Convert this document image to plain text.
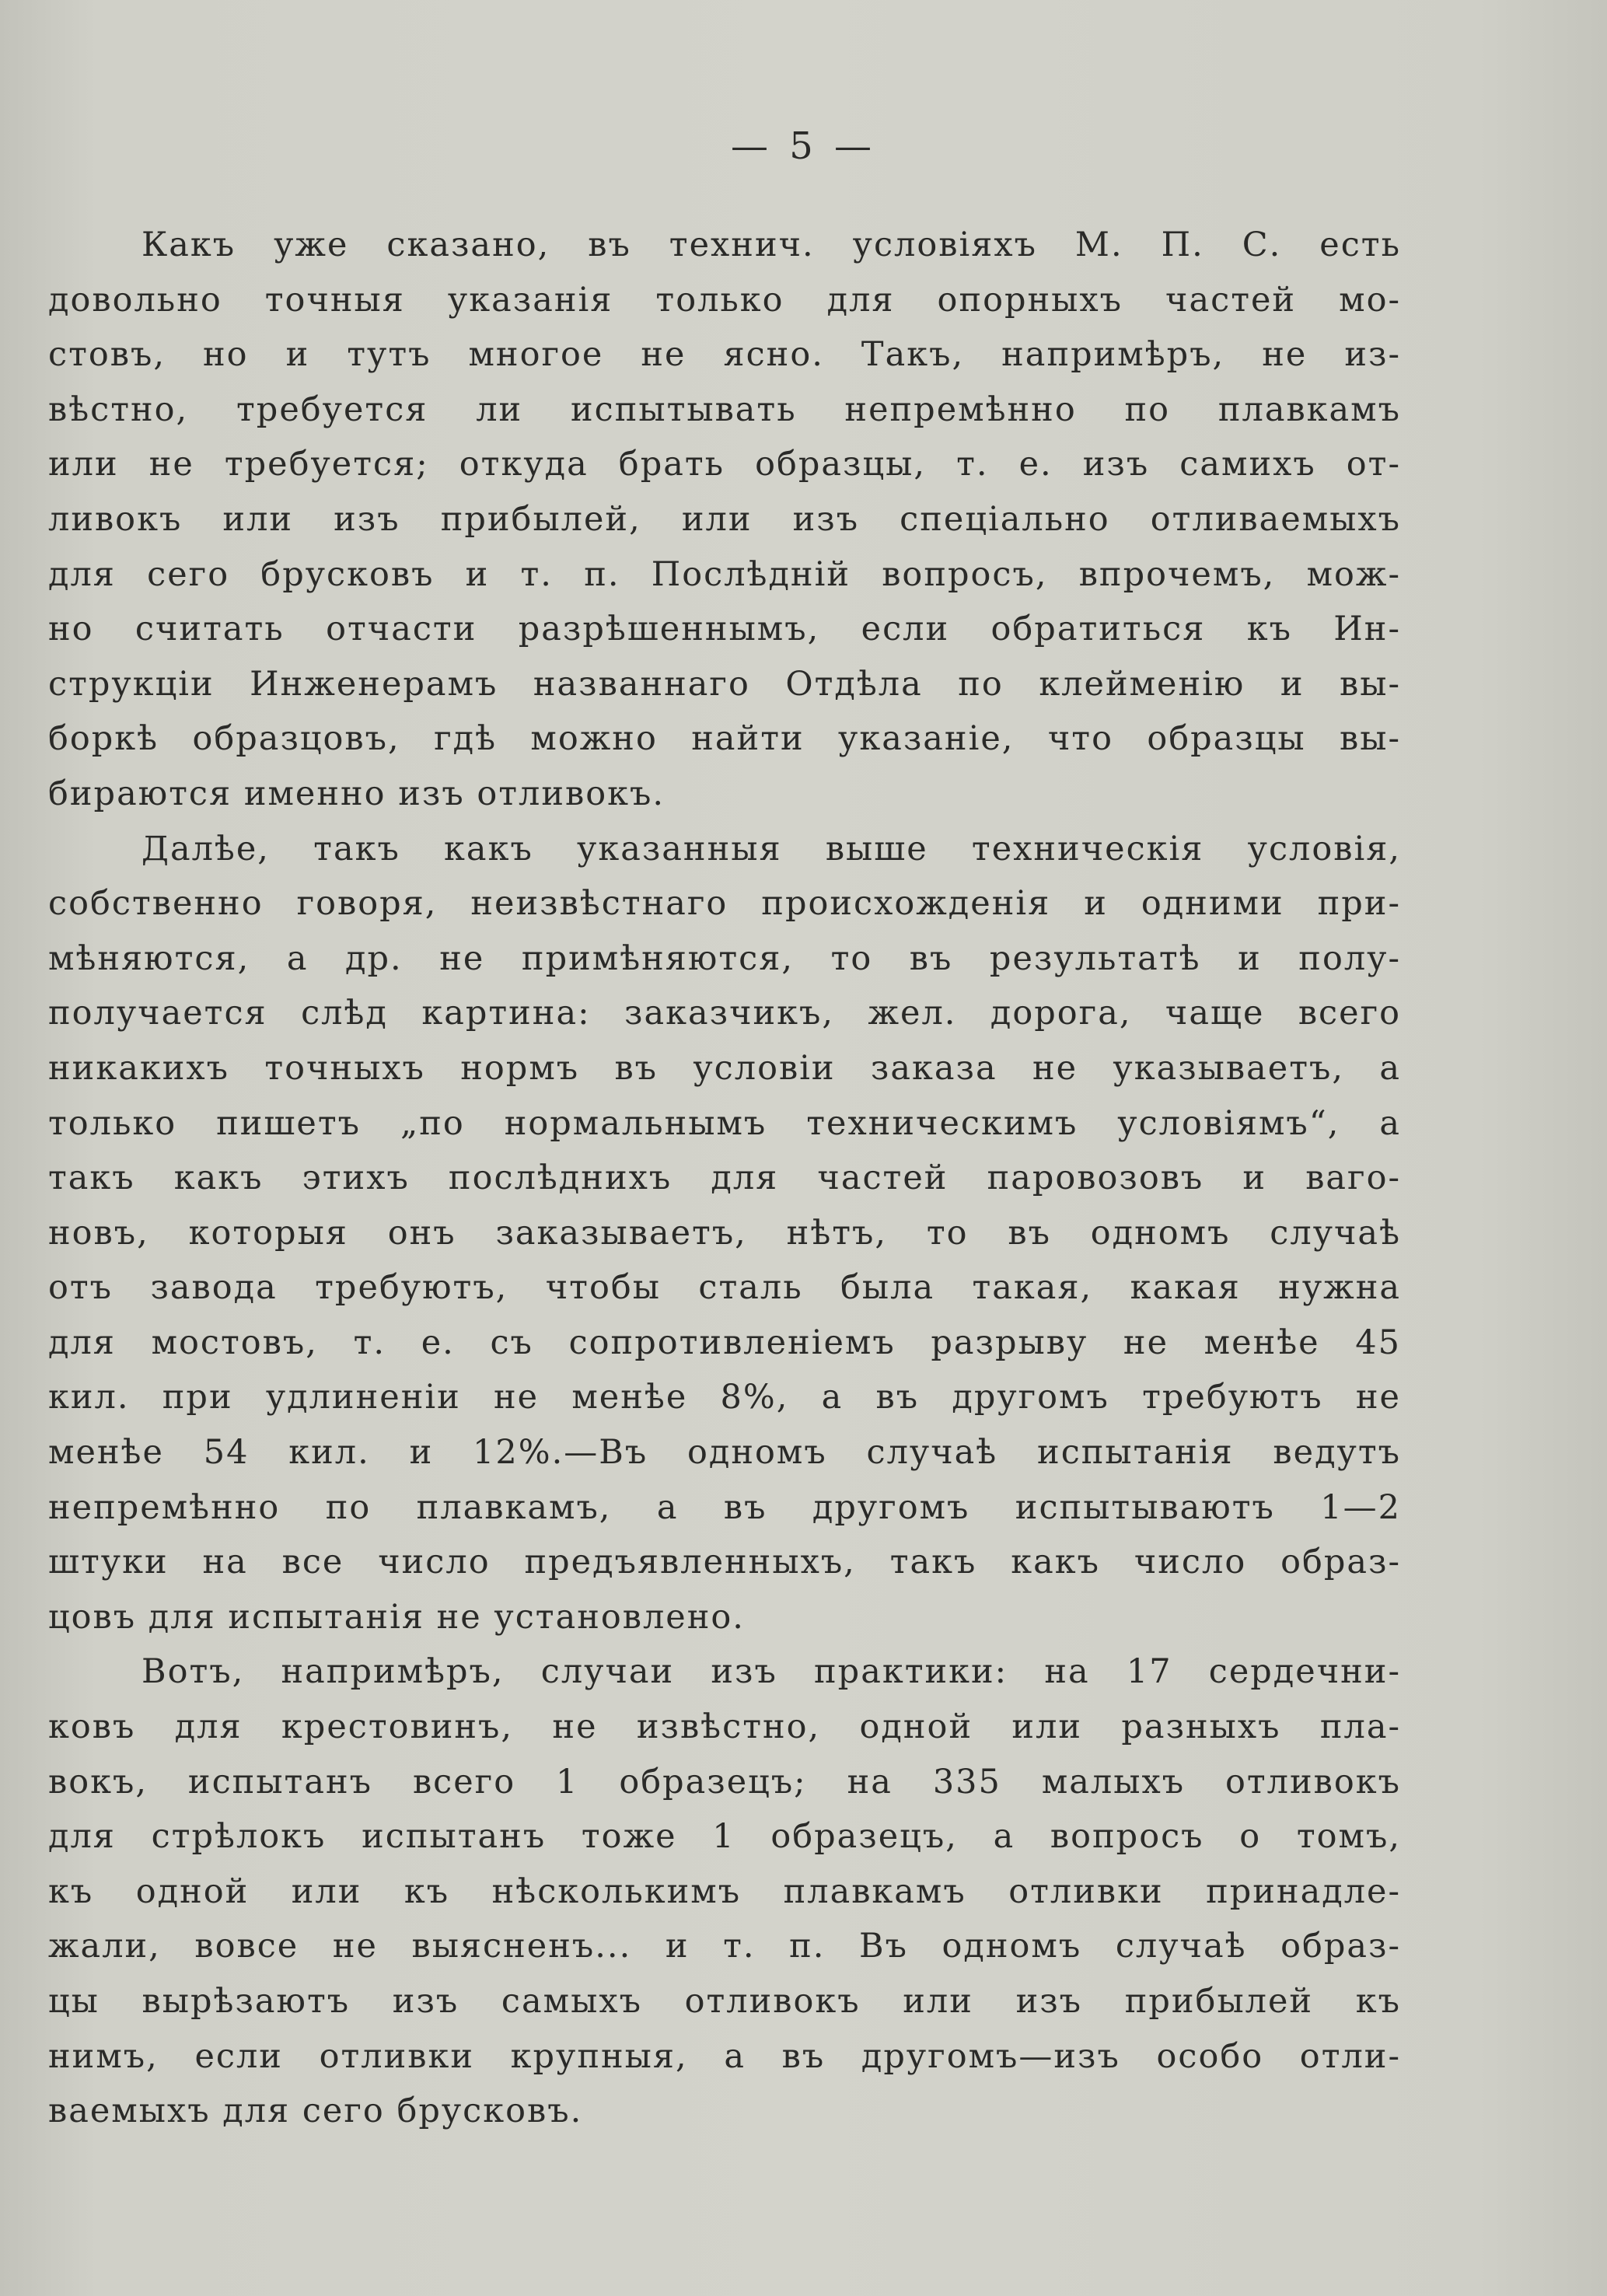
— 5 —
Какъ уже сказано, въ технич. условiяхъ М. П. С. есть
довольно точныя указанiя только для опорныхъ частей мо-
стовъ, но и тутъ многое не ясно. Такъ, напримѣръ, не из-
вѣстно, требуется ли испытывать непремѣнно по плавкамъ
или не требуется; откуда брать образцы, т. е. изъ самихъ от-
ливокъ или изъ прибылей, или изъ спецiально отливаемыхъ
для сего брусковъ и т. п. Послѣднiй вопросъ, впрочемъ, мож-
но считать отчасти разрѣшеннымъ, если обратиться къ Ин-
струкцiи Инженерамъ названнаго Отдѣла по клейменiю и вы-
боркѣ образцовъ, гдѣ можно найти указанiе, что образцы вы-
бираются именно изъ отливокъ.
Далѣе, такъ какъ указанныя выше техническiя условiя,
собственно говоря, неизвѣстнаго происхожденiя и одними при-
мѣняются, а др. не примѣняются, то въ результатѣ и полу-
получается слѣд картина: заказчикъ, жел. дорога, чаще всего
никакихъ точныхъ нормъ въ условiи заказа не указываетъ, а
только пишетъ „по нормальнымъ техническимъ условiямъ“, а
такъ какъ этихъ послѣднихъ для частей паровозовъ и ваго-
новъ, которыя онъ заказываетъ, нѣтъ, то въ одномъ случаѣ
отъ завода требуютъ, чтобы сталь была такая, какая нужна
для мостовъ, т. е. съ сопротивленiемъ разрыву не менѣе 45
кил. при удлиненiи не менѣе 8%, а въ другомъ требуютъ не
менѣе 54 кил. и 12%.—Въ одномъ случаѣ испытанiя ведутъ
непремѣнно по плавкамъ, а въ другомъ испытываютъ 1—2
штуки на все число предъявленныхъ, такъ какъ число образ-
цовъ для испытанiя не установлено.
Вотъ, напримѣръ, случаи изъ практики: на 17 сердечни-
ковъ для крестовинъ, не извѣстно, одной или разныхъ пла-
вокъ, испытанъ всего 1 образецъ; на 335 малыхъ отливокъ
для стрѣлокъ испытанъ тоже 1 образецъ, а вопросъ о томъ,
къ одной или къ нѣсколькимъ плавкамъ отливки принадле-
жали, вовсе не выясненъ... и т. п. Въ одномъ случаѣ образ-
цы вырѣзаютъ изъ самыхъ отливокъ или изъ прибылей къ
нимъ, если отливки крупныя, а въ другомъ—изъ особо отли-
ваемыхъ для сего брусковъ.
